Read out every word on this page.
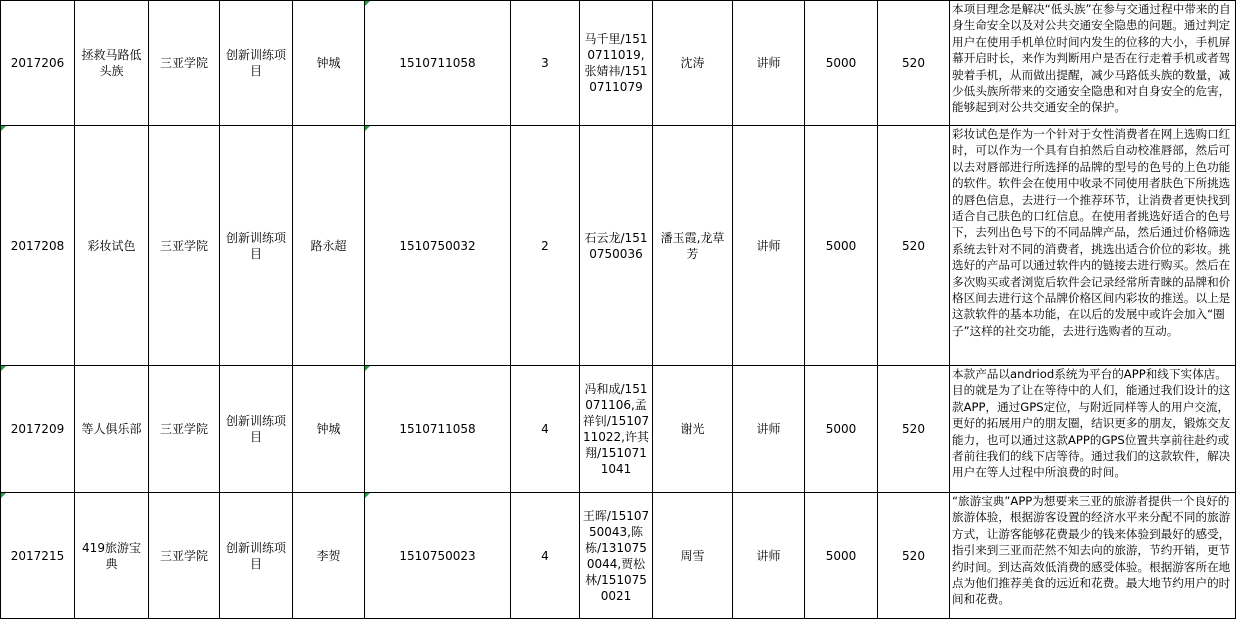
2017206	拯救马路低头族	三亚学院	创新训练项目	钟城	1510711058	3	马千里/1510711019,张婧祎/1510711079	沈涛	讲师	5000	520	本项目理念是解决“低头族”在参与交通过程中带来的自身生命安全以及对公共交通安全隐患的问题。通过判定用户在使用手机单位时间内发生的位移的大小，手机屏幕开启时长，来作为判断用户是否在行走着手机或者驾驶着手机，从而做出提醒，减少马路低头族的数量，减少低头族所带来的交通安全隐患和对自身安全的危害，能够起到对公共交通安全的保护。

2017208	彩妆试色	三亚学院	创新训练项目	路永超	1510750032	2	石云龙/1510750036	潘玉霞,龙草芳	讲师	5000	520	彩妆试色是作为一个针对于女性消费者在网上选购口红时，可以作为一个具有自拍然后自动校准唇部，然后可以去对唇部进行所选择的品牌的型号的色号的上色功能的软件。软件会在使用中收录不同使用者肤色下所挑选的唇色信息，去进行一个推荐环节，让消费者更快找到适合自己肤色的口红信息。在使用者挑选好适合的色号下，去列出色号下的不同品牌产品，然后通过价格筛选系统去针对不同的消费者，挑选出适合价位的彩妆。挑选好的产品可以通过软件内的链接去进行购买。然后在多次购买或者浏览后软件会记录经常所青睐的品牌和价格区间去进行这个品牌价格区间内彩妆的推送。以上是这款软件的基本功能，在以后的发展中或许会加入“圈子”这样的社交功能，去进行选购者的互动。

2017209	等人俱乐部	三亚学院	创新训练项目	钟城	1510711058	4	冯和成/151071106,孟祥钊/1510711022,许其翔/1510711041	谢光	讲师	5000	520	本款产品以andriod系统为平台的APP和线下实体店。目的就是为了让在等待中的人们，能通过我们设计的这款APP，通过GPS定位，与附近同样等人的用户交流，更好的拓展用户的朋友圈，结识更多的朋友，锻炼交友能力，也可以通过这款APP的GPS位置共享前往赴约或者前往我们的线下店等待。通过我们的这款软件，解决用户在等人过程中所浪费的时间。

2017215	419旅游宝典	三亚学院	创新训练项目	李贺	1510750023	4	王晖/1510750043,陈栋/1310750044,贾松林/1510750021	周雪	讲师	5000	520	“旅游宝典”APP为想要来三亚的旅游者提供一个良好的旅游体验，根据游客设置的经济水平来分配不同的旅游方式，让游客能够花费最少的钱来体验到最好的感受，指引来到三亚而茫然不知去向的旅游，节约开销，更节约时间。到达高效低消费的感受体验。根据游客所在地点为他们推荐美食的远近和花费。最大地节约用户的时间和花费。
